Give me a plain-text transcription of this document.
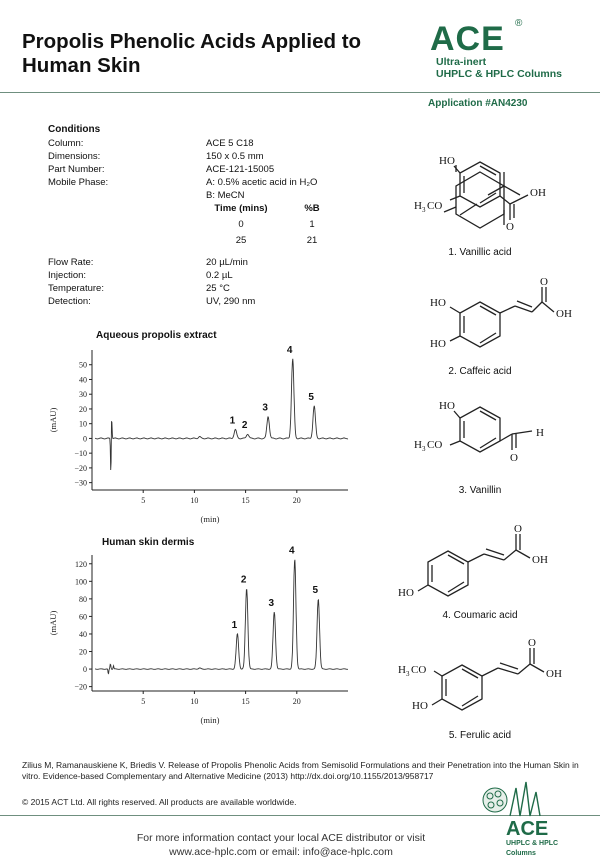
Propolis Phenolic Acids Applied to
Human Skin
ACE ®
Ultra-inert
UHPLC & HPLC Columns
Application #AN4230
Conditions
Column:	ACE 5 C18
Dimensions:	150 x 0.5 mm
Part Number:	ACE-121-15005
Mobile Phase:	A: 0.5% acetic acid in H₂O
B: MeCN
Time (mins)	%B
0	1
25	21
Flow Rate:	20 µL/min
Injection:	0.2 µL
Temperature:	25 °C
Detection:	UV, 290 nm
Aqueous propolis extract
50
40
30
20
10
0
−10
−20
−30
5	10	15	20
(min)
(mAU)	1 2
3
4
5
Human skin dermis
120
100
80
60
40
20
0
−20
5	10	15	20
(min)
(mAU)	1
2
3
4
5
HO
H 3 CO
O
OH
HO
HO
O
OH
HO
H 3 CO
O
H
HO
O
OH
H 3 CO
HO
O
OH
1. Vanillic acid
2. Caffeic acid
3. Vanillin
4. Coumaric acid
5. Ferulic acid
Zilius M, Ramanauskiene K, Briedis V. Release of Propolis Phenolic Acids from Semisolid Formulations and their Penetration into the Human Skin in vitro. Evidence-based Complementary and Alternative Medicine (2013) http://dx.doi.org/10.1155/2013/958717
© 2015 ACT Ltd. All rights reserved. All products are available worldwide.
For more information contact your local ACE distributor or visit
www.ace-hplc.com or email: info@ace-hplc.com
ACE
UHPLC & HPLC
Columns
